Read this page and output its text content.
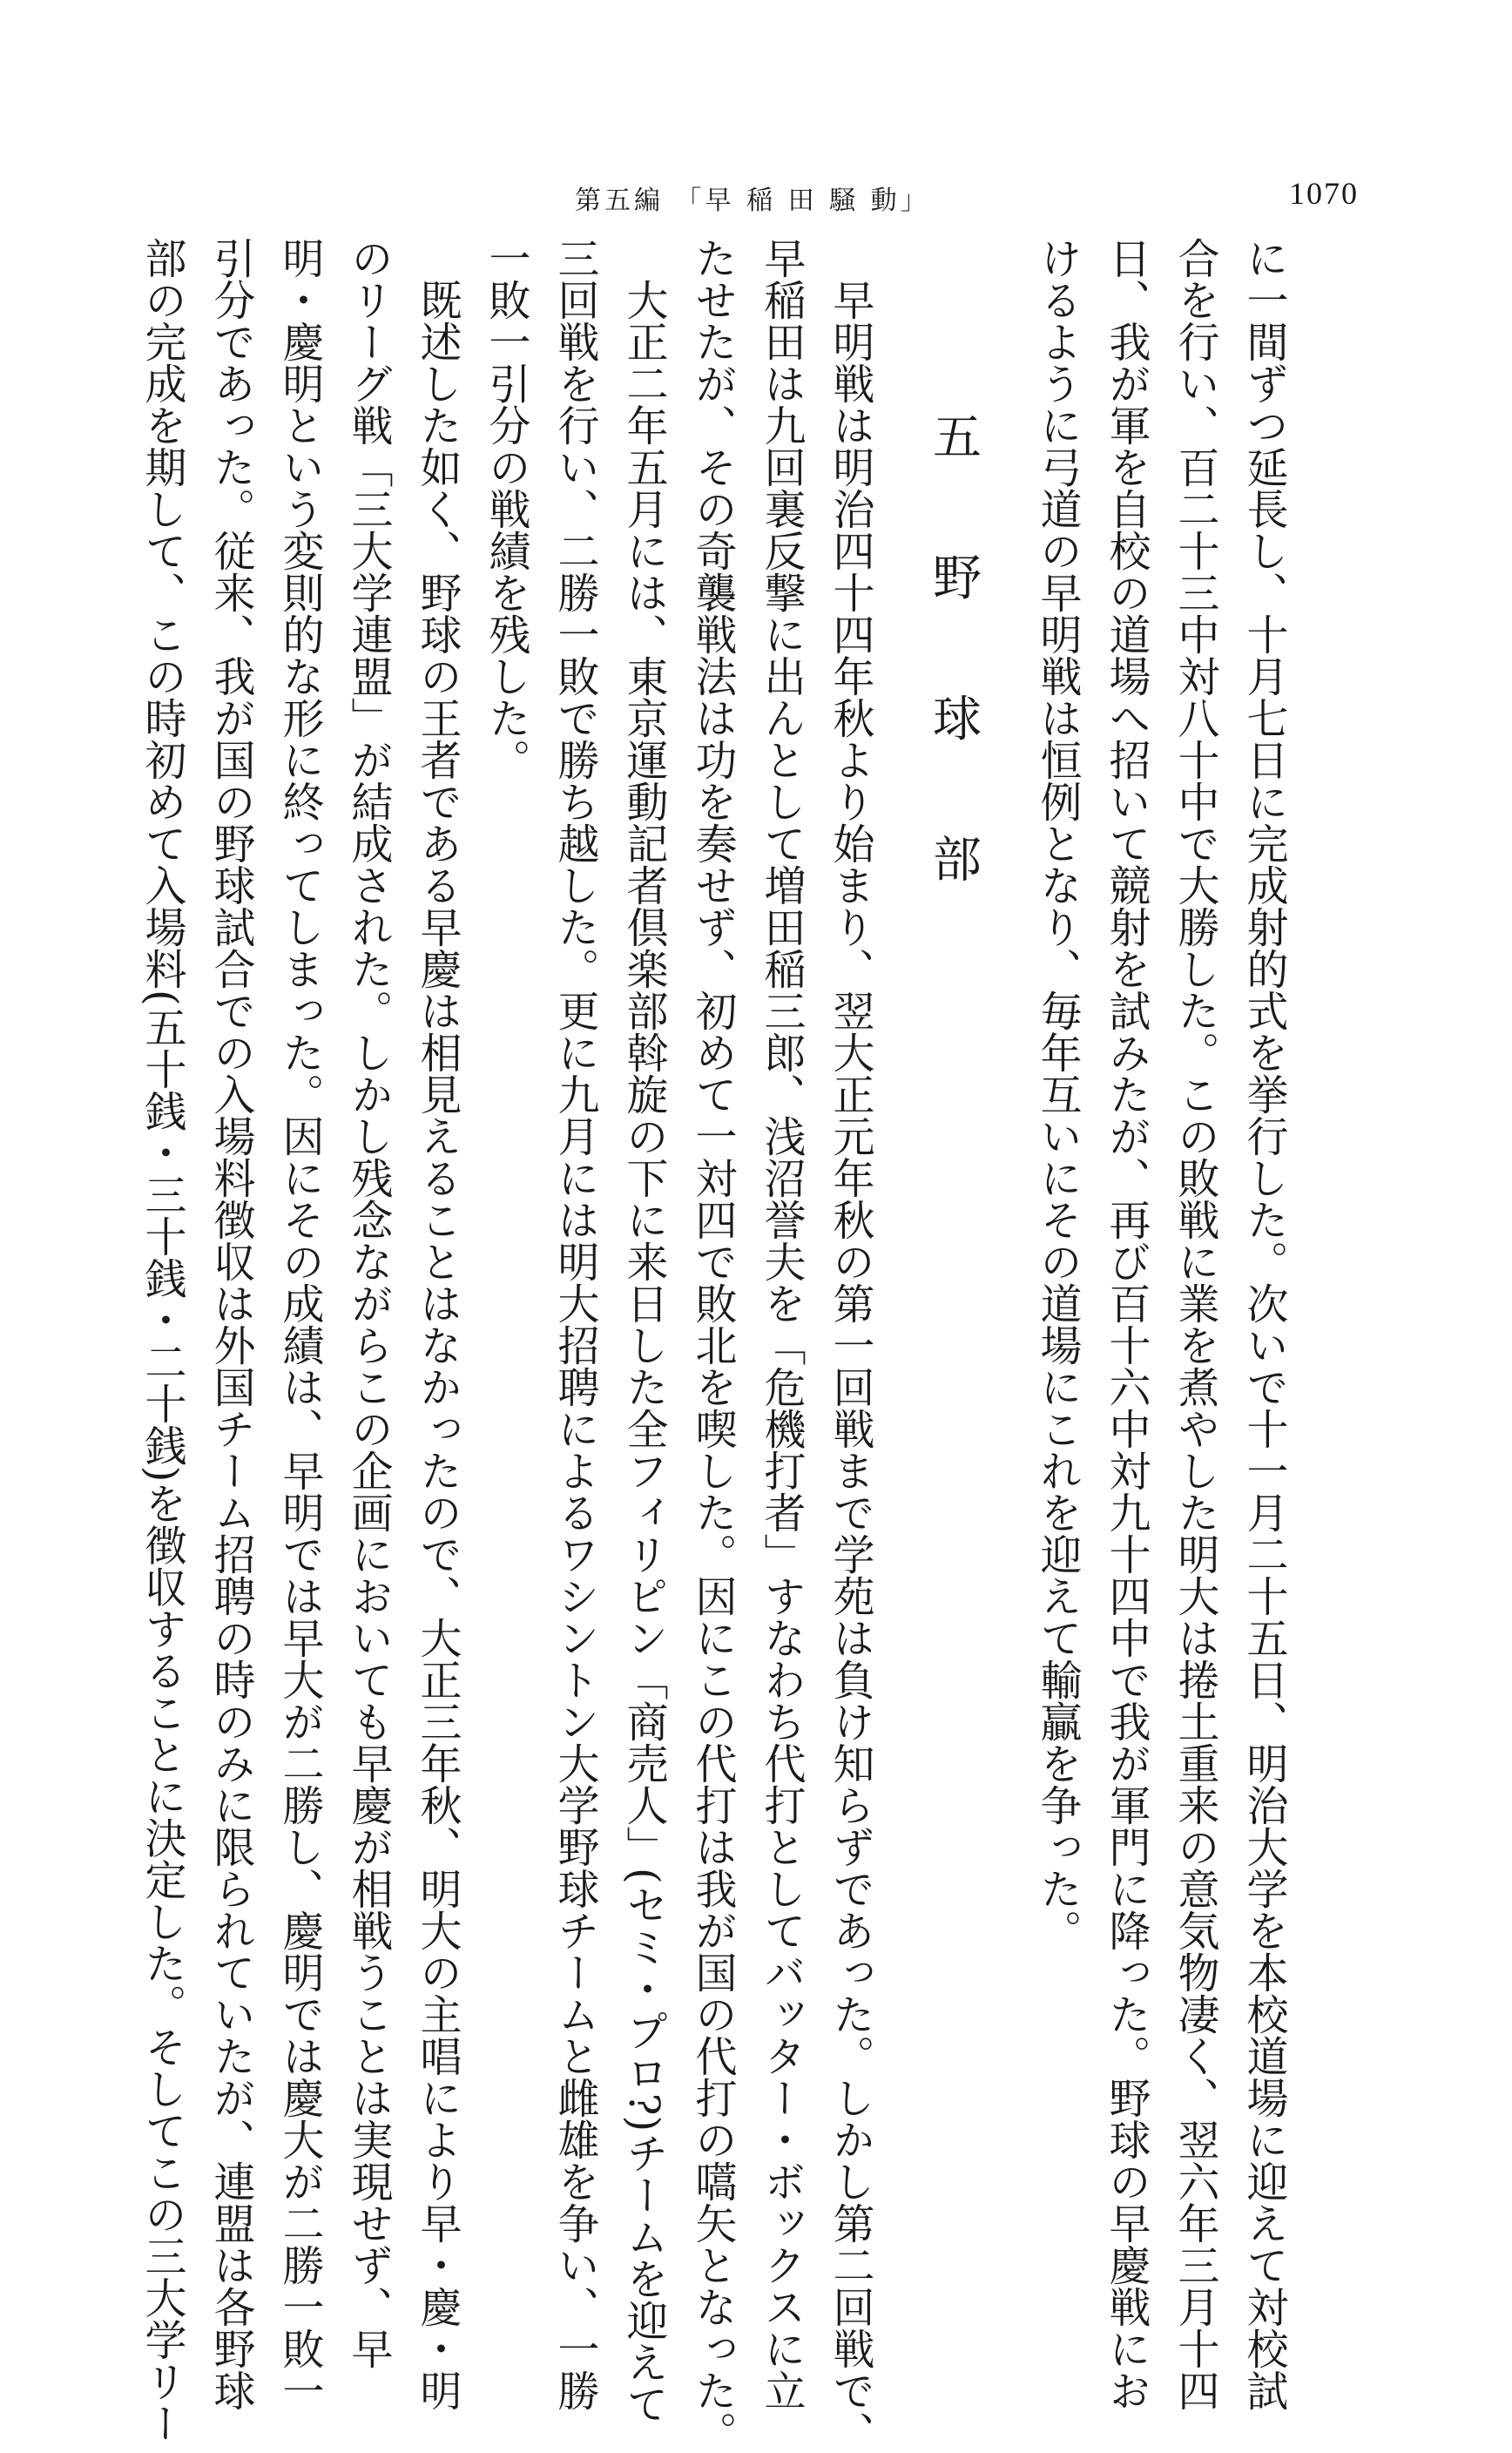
第五編 「早 稲 田 騒 動」	1070

に一間ずつ延長し、十月七日に完成射的式を挙行した。次いで十一月二十五日、明治大学を本校道場に迎えて対校試

合を行い、百二十三中対八十中で大勝した。この敗戦に業を煮やした明大は捲土重来の意気物凄く、翌六年三月十四

日、我が軍を自校の道場へ招いて競射を試みたが、再び百十六中対九十四中で我が軍門に降った。野球の早慶戦にお

けるように弓道の早明戦は恒例となり、毎年互いにその道場にこれを迎えて輸贏を争った。

五 野 球 部

早明戦は明治四十四年秋より始まり、翌大正元年秋の第一回戦まで学苑は負け知らずであった。しかし第二回戦で、

早稲田は九回裏反撃に出んとして増田稲三郎、浅沼誉夫を「危機打者」すなわち代打としてバッター・ボックスに立

たせたが、その奇襲戦法は功を奏せず、初めて一対四で敗北を喫した。因にこの代打は我が国の代打の嚆矢となった。

大正二年五月には、東京運動記者倶楽部斡旋の下に来日した全フィリピン「商売人」(セミ・プロ?)チームを迎えて

三回戦を行い、二勝一敗で勝ち越した。更に九月には明大招聘によるワシントン大学野球チームと雌雄を争い、一勝

一敗一引分の戦績を残した。

既述した如く、野球の王者である早慶は相見えることはなかったので、大正三年秋、明大の主唱により早・慶・明

のリーグ戦「三大学連盟」が結成された。しかし残念ながらこの企画においても早慶が相戦うことは実現せず、早

明・慶明という変則的な形に終ってしまった。因にその成績は、早明では早大が二勝し、慶明では慶大が二勝一敗一

引分であった。従来、我が国の野球試合での入場料徴収は外国チーム招聘の時のみに限られていたが、連盟は各野球

部の完成を期して、この時初めて入場料(五十銭・三十銭・二十銭)を徴収することに決定した。そしてこの三大学リー
